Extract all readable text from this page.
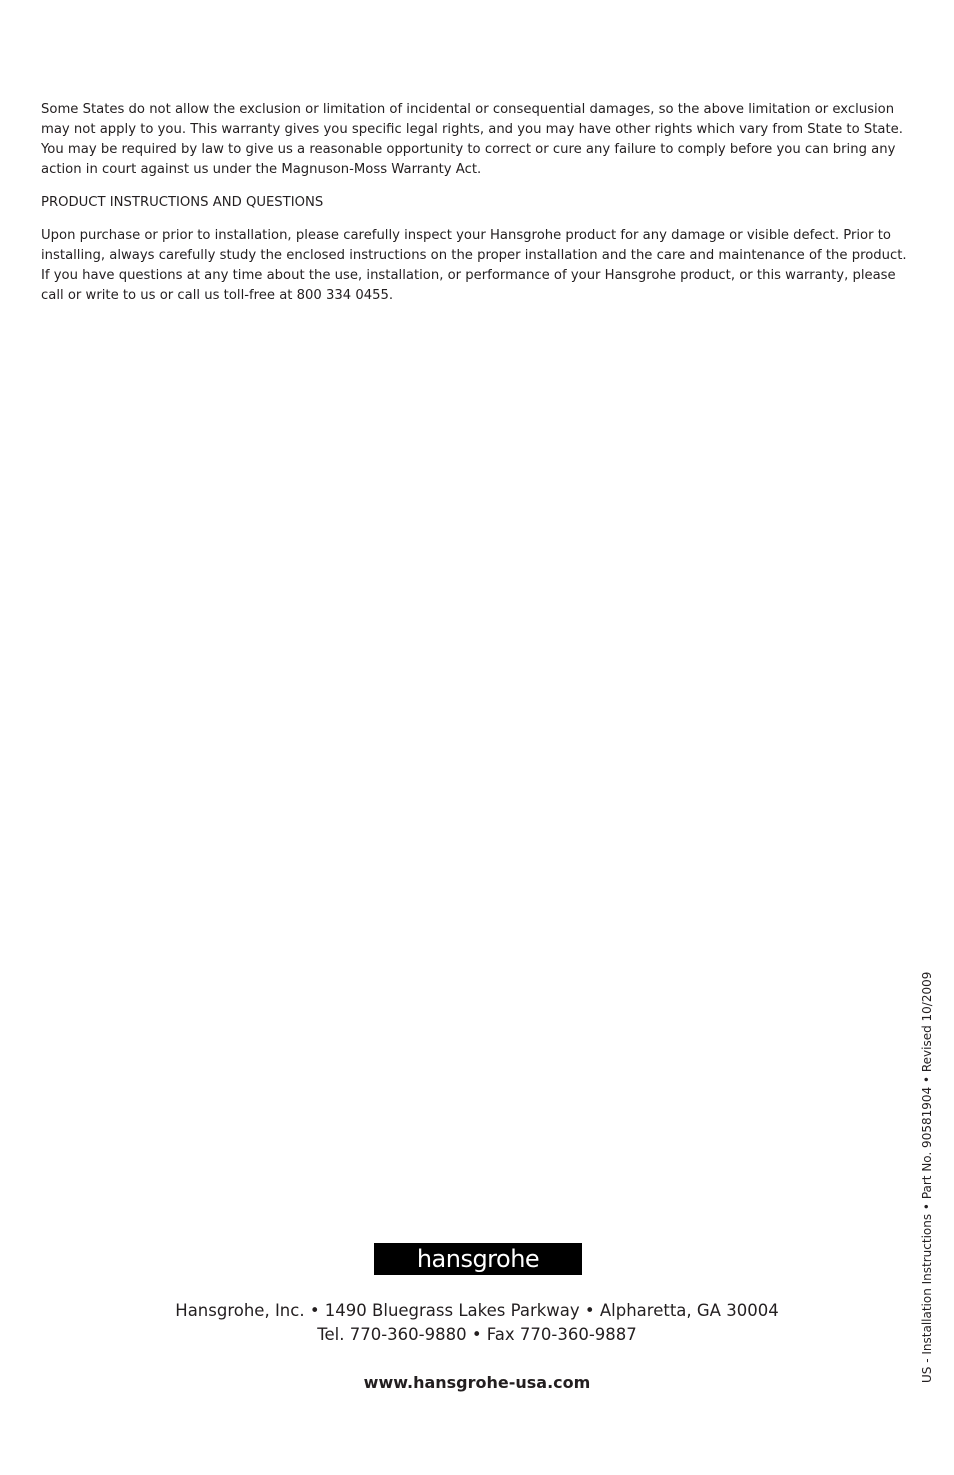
Some States do not allow the exclusion or limitation of incidental or consequential damages, so the above limitation or exclusion may not apply to you. This warranty gives you specific legal rights, and you may have other rights which vary from State to State. You may be required by law to give us a reasonable opportunity to correct or cure any failure to comply before you can bring any action in court against us under the Magnuson-Moss Warranty Act.

PRODUCT INSTRUCTIONS AND QUESTIONS

Upon purchase or prior to installation, please carefully inspect your Hansgrohe product for any damage or visible defect. Prior to installing, always carefully study the enclosed instructions on the proper installation and the care and maintenance of the product. If you have questions at any time about the use, installation, or performance of your Hansgrohe product, or this warranty, please call or write to us or call us toll-free at 800 334 0455.

hansgrohe
Hansgrohe, Inc. • 1490 Bluegrass Lakes Parkway • Alpharetta, GA 30004
Tel. 770-360-9880 • Fax 770-360-9887
www.hansgrohe-usa.com	US - Installation Instructions • Part No. 90581904 • Revised 10/2009
